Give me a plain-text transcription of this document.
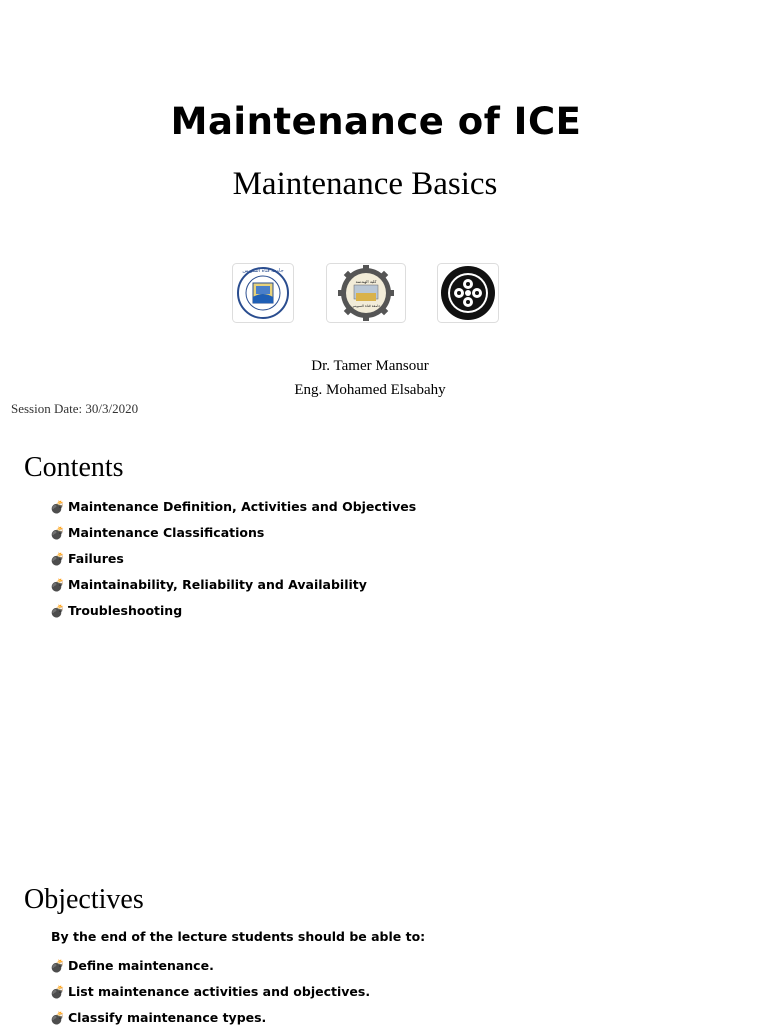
Maintenance of ICE
Maintenance Basics
جامعة قناة السويس
كلية الهندسة
جامعة قناة السويس
Dr. Tamer Mansour
Eng. Mohamed Elsabahy
Session Date: 30/3/2020
Contents
💣 Maintenance Definition, Activities and Objectives
💣 Maintenance Classifications
💣 Failures
💣 Maintainability, Reliability and Availability
💣 Troubleshooting
Objectives
By the end of the lecture students should be able to:
💣 Define maintenance.
💣 List maintenance activities and objectives.
💣 Classify maintenance types.
